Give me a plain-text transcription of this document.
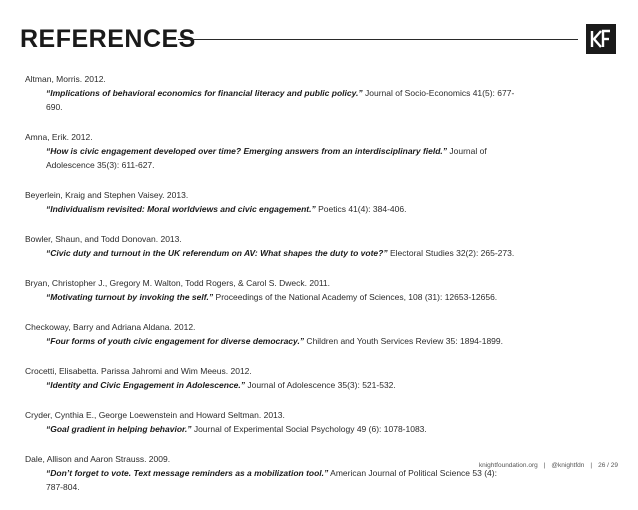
REFERENCES
Altman, Morris. 2012.
“Implications of behavioral economics for financial literacy and public policy.” Journal of Socio-Economics 41(5): 677-690.
Amna, Erik. 2012.
“How is civic engagement developed over time? Emerging answers from an interdisciplinary field.” Journal of Adolescence 35(3): 611-627.
Beyerlein, Kraig and Stephen Vaisey. 2013.
“Individualism revisited: Moral worldviews and civic engagement.” Poetics 41(4): 384-406.
Bowler, Shaun, and Todd Donovan. 2013.
“Civic duty and turnout in the UK referendum on AV: What shapes the duty to vote?” Electoral Studies 32(2): 265-273.
Bryan, Christopher J., Gregory M. Walton, Todd Rogers, & Carol S. Dweck. 2011.
“Motivating turnout by invoking the self.” Proceedings of the National Academy of Sciences, 108 (31): 12653-12656.
Checkoway, Barry and Adriana Aldana. 2012.
“Four forms of youth civic engagement for diverse democracy.” Children and Youth Services Review 35: 1894-1899.
Crocetti, Elisabetta. Parissa Jahromi and Wim Meeus. 2012.
“Identity and Civic Engagement in Adolescence.” Journal of Adolescence 35(3): 521-532.
Cryder, Cynthia E., George Loewenstein and Howard Seltman. 2013.
“Goal gradient in helping behavior.” Journal of Experimental Social Psychology 49 (6): 1078-1083.
Dale, Allison and Aaron Strauss. 2009.
“Don’t forget to vote. Text message reminders as a mobilization tool.” American Journal of Political Science 53 (4): 787-804.
knightfoundation.org | @knightfdn | 26 / 29
